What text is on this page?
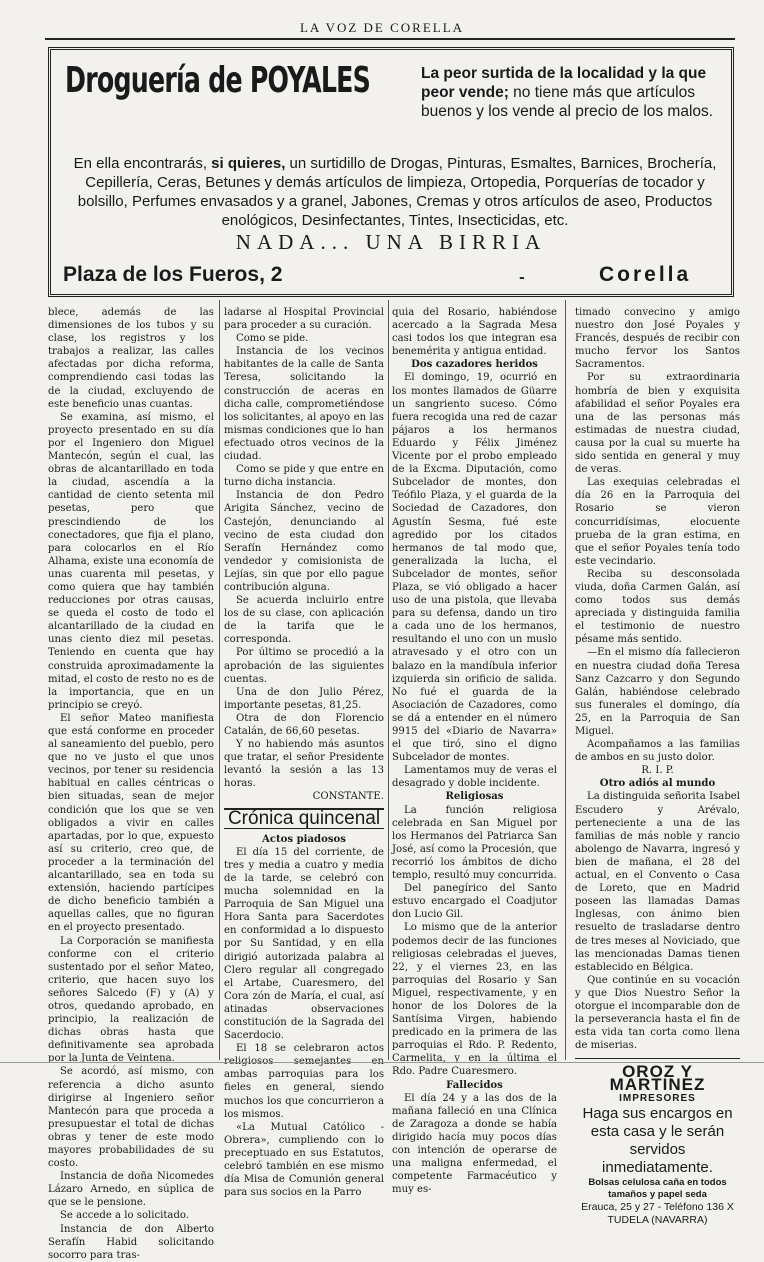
LA VOZ DE CORELLA
Droguería de POYALES	La peor surtida de la localidad y la que peor vende; no tiene más que artículos buenos y los vende al precio de los malos.
En ella encontrarás, si quieres, un surtidillo de Drogas, Pinturas, Esmaltes, Barnices, Brochería, Cepillería, Ceras, Betunes y demás artículos de limpieza, Ortopedia, Porquerías de tocador y bolsillo, Perfumes envasados y a granel, Jabones, Cremas y otros artículos de aseo, Productos enológicos, Desinfectantes, Tintes, Insecticidas, etc.
NADA... UNA BIRRIA
Plaza de los Fueros, 2	-	Corella

blece, además de las dimensiones de los tubos y su clase, los registros y los trabajos a realizar, las calles afectadas por dicha reforma, comprendiendo casi todas las de la ciudad, excluyendo de este beneficio unas cuantas.

Se examina, así mismo, el proyecto presentado en su día por el Ingeniero don Miguel Mantecón, según el cual, las obras de alcantarillado en toda la ciudad, ascendía a la cantidad de ciento setenta mil pesetas, pero que prescindiendo de los conectadores, que fija el plano, para colocarlos en el Río Alhama, existe una economía de unas cuarenta mil pesetas, y como quiera que hay también reducciones por otras causas, se queda el costo de todo el alcantarillado de la ciudad en unas ciento diez mil pesetas. Teniendo en cuenta que hay construida aproximadamente la mitad, el costo de resto no es de la importancia, que en un principio se creyó.

El señor Mateo manifiesta que está conforme en proceder al saneamiento del pueblo, pero que no ve justo el que unos vecinos, por tener su residencia habitual en calles céntricas o bien situadas, sean de mejor condición que los que se ven obligados a vivir en calles apartadas, por lo que, expuesto así su criterio, creo que, de proceder a la terminación del alcantarillado, sea en toda su extensión, haciendo partícipes de dicho beneficio también a aquellas calles, que no figuran en el proyecto presentado.

La Corporación se manifiesta conforme con el criterio sustentado por el señor Mateo, criterio, que hacen suyo los señores Salcedo (F) y (A) y otros, quedando aprobado, en principio, la realización de dichas obras hasta que definitivamente sea aprobada por la Junta de Veintena.

Se acordó, así mismo, con referencia a dicho asunto dirigirse al Ingeniero señor Mantecón para que proceda a presupuestar el total de dichas obras y tener de este modo mayores probabilidades de su costo.

Instancia de doña Nicomedes Lázaro Arnedo, en súplica de que se le pensione.

Se accede a lo solicitado.

Instancia de don Alberto Serafín Habid solicitando socorro para tras-

ladarse al Hospital Provincial para proceder a su curación.

Como se pide.

Instancia de los vecinos habitantes de la calle de Santa Teresa, solicitando la construcción de aceras en dicha calle, comprometiéndose los solicitantes, al apoyo en las mismas condiciones que lo han efectuado otros vecinos de la ciudad.

Como se pide y que entre en turno dicha instancia.

Instancia de don Pedro Arigita Sánchez, vecino de Castejón, denunciando al vecino de esta ciudad don Serafín Hernández como vendedor y comisionista de Lejías, sin que por ello pague contribución alguna.

Se acuerda incluirlo entre los de su clase, con aplicación de la tarifa que le corresponda.

Por último se procedió a la aprobación de las siguientes cuentas.

Una de don Julio Pérez, importante pesetas, 81,25.

Otra de don Florencio Catalán, de 66,60 pesetas.

Y no habiendo más asuntos que tratar, el señor Presidente levantó la sesión a las 13 horas.

CONSTANTE.

Crónica quincenal

Actos piadosos

El día 15 del corriente, de tres y media a cuatro y media de la tarde, se celebró con mucha solemnidad en la Parroquia de San Miguel una Hora Santa para Sacerdotes en conformidad a lo dispuesto por Su Santidad, y en ella dirigió autorizada palabra al Clero regular all congregado el Artabe, Cuaresmero, del Cora zón de María, el cual, así atinadas observaciones constitución de la Sagrada del Sacerdocio.

El 18 se celebraron actos religiosos semejantes en ambas parroquias para los fieles en general, siendo muchos los que concurrieron a los mismos.

«La Mutual Católico - Obrera», cumpliendo con lo preceptuado en sus Estatutos, celebró también en ese mismo día Misa de Comunión general para sus socios en la Parro

quia del Rosario, habiéndose acercado a la Sagrada Mesa casi todos los que integran esa benemérita y antigua entidad.

Dos cazadores heridos

El domingo, 19, ocurrió en los montes llamados de Güarre un sangriento suceso. Cómo fuera recogida una red de cazar pájaros a los hermanos Eduardo y Félix Jiménez Vicente por el probo empleado de la Excma. Diputación, como Subcelador de montes, don Teófilo Plaza, y el guarda de la Sociedad de Cazadores, don Agustín Sesma, fué este agredido por los citados hermanos de tal modo que, generalizada la lucha, el Subcelador de montes, señor Plaza, se vió obligado a hacer uso de una pistola, que llevaba para su defensa, dando un tiro a cada uno de los hermanos, resultando el uno con un muslo atravesado y el otro con un balazo en la mandíbula inferior izquierda sin orificio de salida. No fué el guarda de la Asociación de Cazadores, como se dá a entender en el número 9915 del «Diario de Navarra» el que tiró, sino el digno Subcelador de montes.

Lamentamos muy de veras el desagrado y doble incidente.

Religiosas

La función religiosa celebrada en San Miguel por los Hermanos del Patriarca San José, así como la Procesión, que recorrió los ámbitos de dicho templo, resultó muy concurrida.

Del panegírico del Santo estuvo encargado el Coadjutor don Lucio Gil.

Lo mismo que de la anterior podemos decir de las funciones religiosas celebradas el jueves, 22, y el viernes 23, en las parroquias del Rosario y San Miguel, respectivamente, y en honor de los Dolores de la Santísima Virgen, habiendo predicado en la primera de las parroquias el Rdo. P. Redento, Carmelita, y en la última el Rdo. Padre Cuaresmero.

Fallecidos

El día 24 y a las dos de la mañana falleció en una Clínica de Zaragoza a donde se había dirigido hacía muy pocos días con intención de operarse de una maligna enfermedad, el competente Farmacéutico y muy es-

timado convecino y amigo nuestro don José Poyales y Francés, después de recibir con mucho fervor los Santos Sacramentos.

Por su extraordinaria hombría de bien y exquisita afabilidad el señor Poyales era una de las personas más estimadas de nuestra ciudad, causa por la cual su muerte ha sido sentida en general y muy de veras.

Las exequias celebradas el día 26 en la Parroquia del Rosario se vieron concurridísimas, elocuente prueba de la gran estima, en que el señor Poyales tenía todo este vecindario.

Reciba su desconsolada viuda, doña Carmen Galán, así como todos sus demás apreciada y distinguida familia el testimonio de nuestro pésame más sentido.

—En el mismo día fallecieron en nuestra ciudad doña Teresa Sanz Cazcarro y don Segundo Galán, habiéndose celebrado sus funerales el domingo, día 25, en la Parroquia de San Miguel.

Acompañamos a las familias de ambos en su justo dolor.

R. I. P.

Otro adiós al mundo

La distinguida señorita Isabel Escudero y Arévalo, perteneciente a una de las familias de más noble y rancio abolengo de Navarra, ingresó y bien de mañana, el 28 del actual, en el Convento o Casa de Loreto, que en Madrid poseen las llamadas Damas Inglesas, con ánimo bien resuelto de trasladarse dentro de tres meses al Noviciado, que las mencionadas Damas tienen establecido en Bélgica.

Que continúe en su vocación y que Dios Nuestro Señor la otorgue el incomparable don de la perseverancia hasta el fin de esta vida tan corta como llena de miserias.

OROZ Y MARTINEZ
IMPRESORES
Haga sus encargos en esta casa y le serán servidos inmediatamente.
Bolsas celulosa caña en todos tamaños y papel seda
Erauca, 25 y 27 - Teléfono 136 X
TUDELA (NAVARRA)
